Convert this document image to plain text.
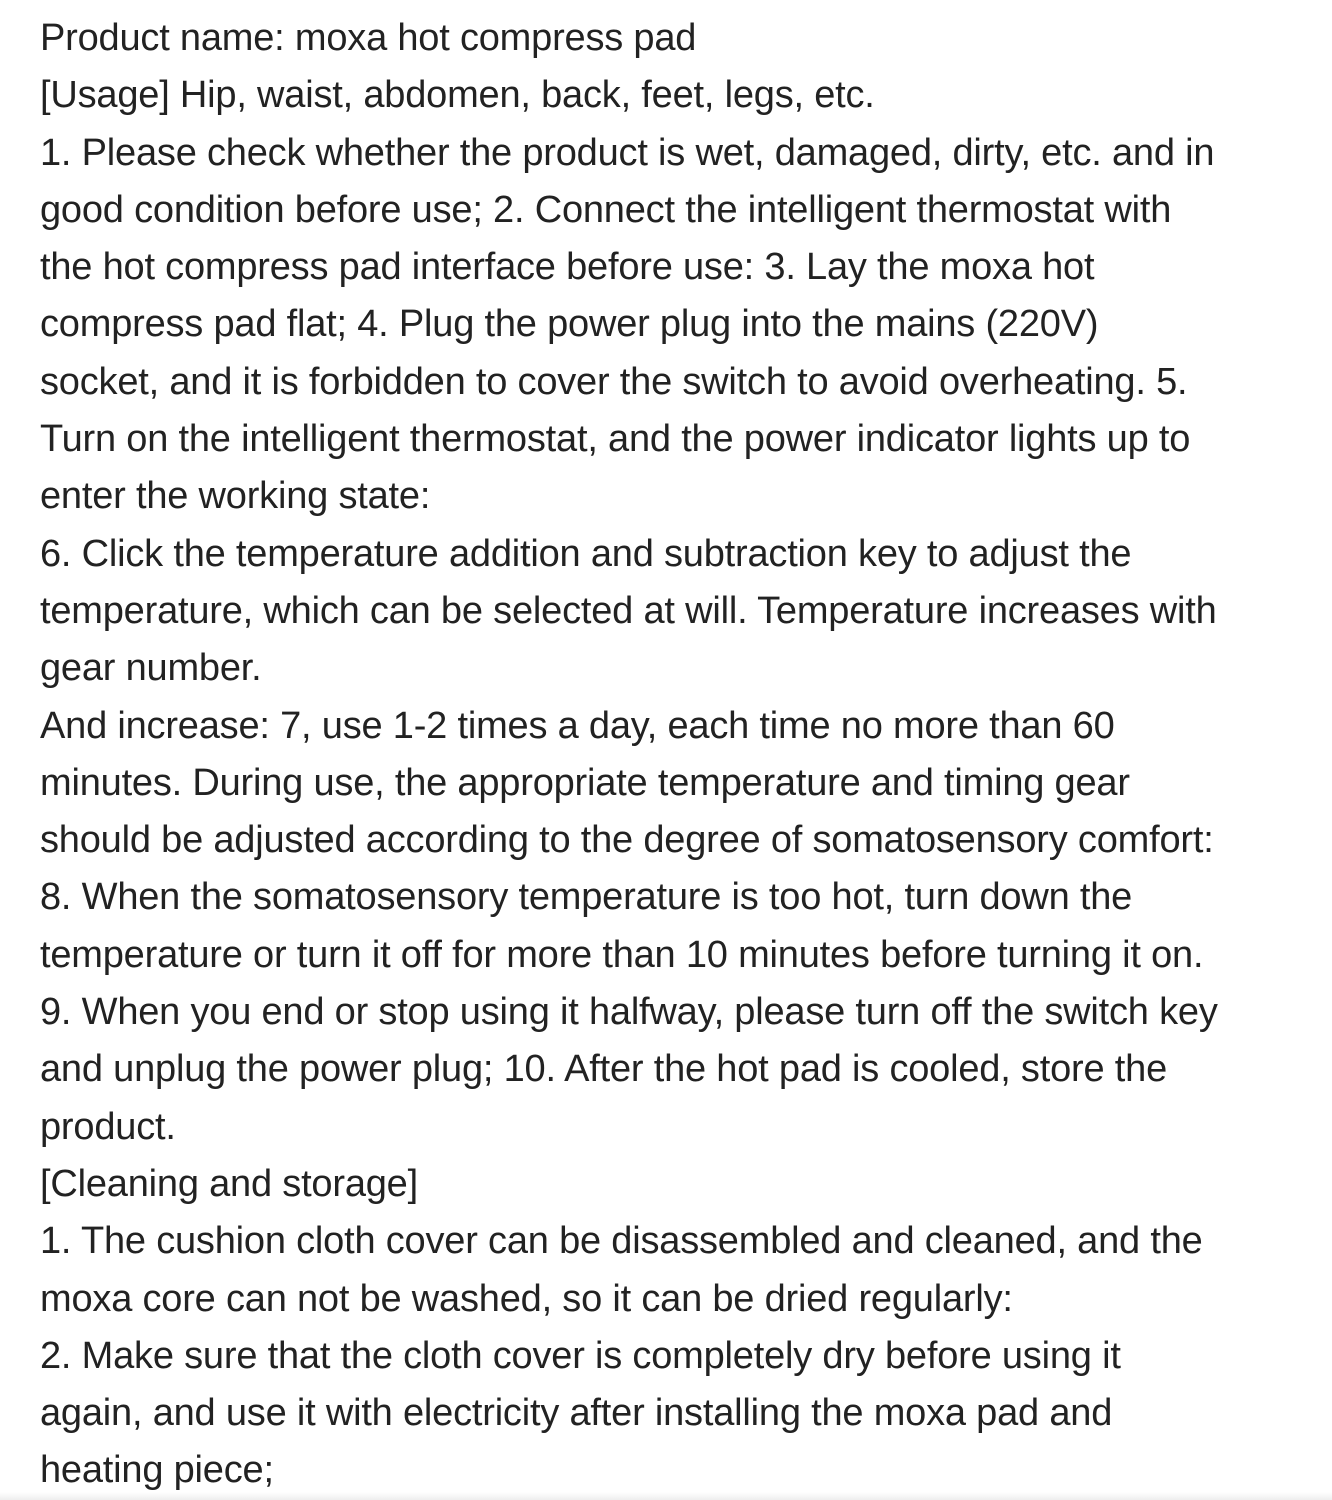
Product name: moxa hot compress pad
[Usage] Hip, waist, abdomen, back, feet, legs, etc.
1. Please check whether the product is wet, damaged, dirty, etc. and in
good condition before use; 2. Connect the intelligent thermostat with
the hot compress pad interface before use: 3. Lay the moxa hot
compress pad flat; 4. Plug the power plug into the mains (220V)
socket, and it is forbidden to cover the switch to avoid overheating. 5.
Turn on the intelligent thermostat, and the power indicator lights up to
enter the working state:
6. Click the temperature addition and subtraction key to adjust the
temperature, which can be selected at will. Temperature increases with
gear number.
And increase: 7, use 1-2 times a day, each time no more than 60
minutes. During use, the appropriate temperature and timing gear
should be adjusted according to the degree of somatosensory comfort:
8. When the somatosensory temperature is too hot, turn down the
temperature or turn it off for more than 10 minutes before turning it on.
9. When you end or stop using it halfway, please turn off the switch key
and unplug the power plug; 10. After the hot pad is cooled, store the
product.
[Cleaning and storage]
1. The cushion cloth cover can be disassembled and cleaned, and the
moxa core can not be washed, so it can be dried regularly:
2. Make sure that the cloth cover is completely dry before using it
again, and use it with electricity after installing the moxa pad and
heating piece;
